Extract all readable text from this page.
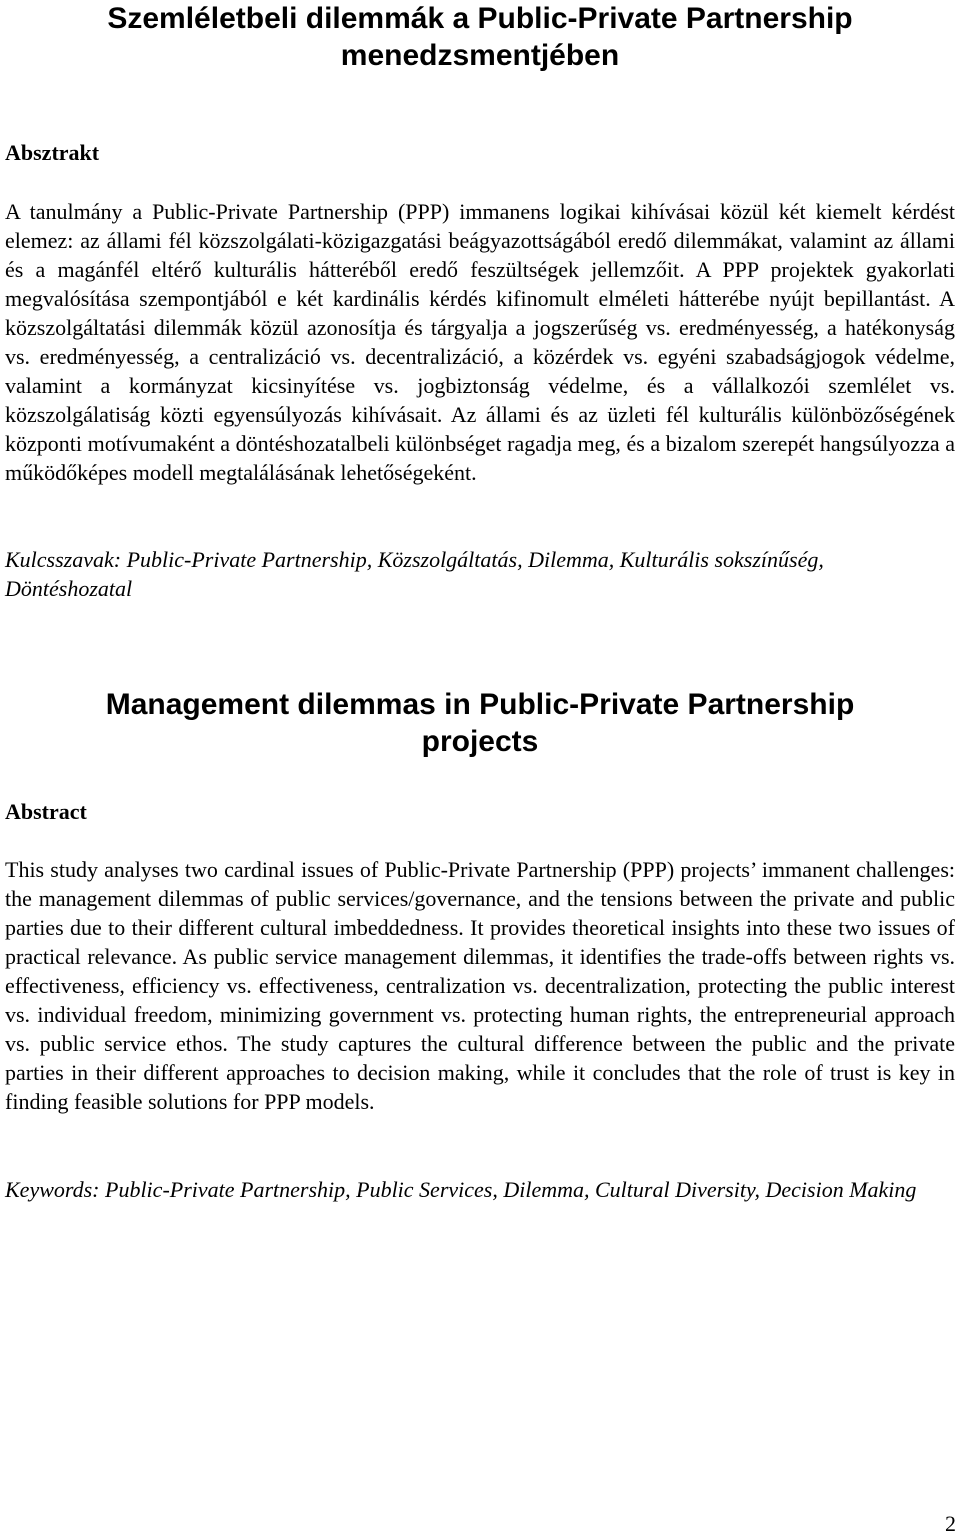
Szemléletbeli dilemmák a Public-Private Partnership
menedzsmentjében
Absztrakt

A tanulmány a Public-Private Partnership (PPP) immanens logikai kihívásai közül két kiemelt kérdést elemez: az állami fél közszolgálati-közigazgatási beágyazottságából eredő dilemmákat, valamint az állami és a magánfél eltérő kulturális hátteréből eredő feszültségek jellemzőit. A PPP projektek gyakorlati megvalósítása szempontjából e két kardinális kérdés kifinomult elméleti hátterébe nyújt bepillantást. A közszolgáltatási dilemmák közül azonosítja és tárgyalja a jogszerűség vs. eredményesség, a hatékonyság vs. eredményesség, a centralizáció vs. decentralizáció, a közérdek vs. egyéni szabadságjogok védelme, valamint a kormányzat kicsinyítése vs. jogbiztonság védelme, és a vállalkozói szemlélet vs. közszolgálatiság közti egyensúlyozás kihívásait. Az állami és az üzleti fél kulturális különbözőségének központi motívumaként a döntéshozatalbeli különbséget ragadja meg, és a bizalom szerepét hangsúlyozza a működőképes modell megtalálásának lehetőségeként.

Kulcsszavak: Public-Private Partnership, Közszolgáltatás, Dilemma, Kulturális sokszínűség, Döntéshozatal

Management dilemmas in Public-Private Partnership
projects
Abstract

This study analyses two cardinal issues of Public-Private Partnership (PPP) projects’ immanent challenges: the management dilemmas of public services/governance, and the tensions between the private and public parties due to their different cultural imbeddedness. It provides theoretical insights into these two issues of practical relevance. As public service management dilemmas, it identifies the trade-offs between rights vs. effectiveness, efficiency vs. effectiveness, centralization vs. decentralization, protecting the public interest vs. individual freedom, minimizing government vs. protecting human rights, the entrepreneurial approach vs. public service ethos. The study captures the cultural difference between the public and the private parties in their different approaches to decision making, while it concludes that the role of trust is key in finding feasible solutions for PPP models.

Keywords: Public-Private Partnership, Public Services, Dilemma, Cultural Diversity, Decision Making

2
